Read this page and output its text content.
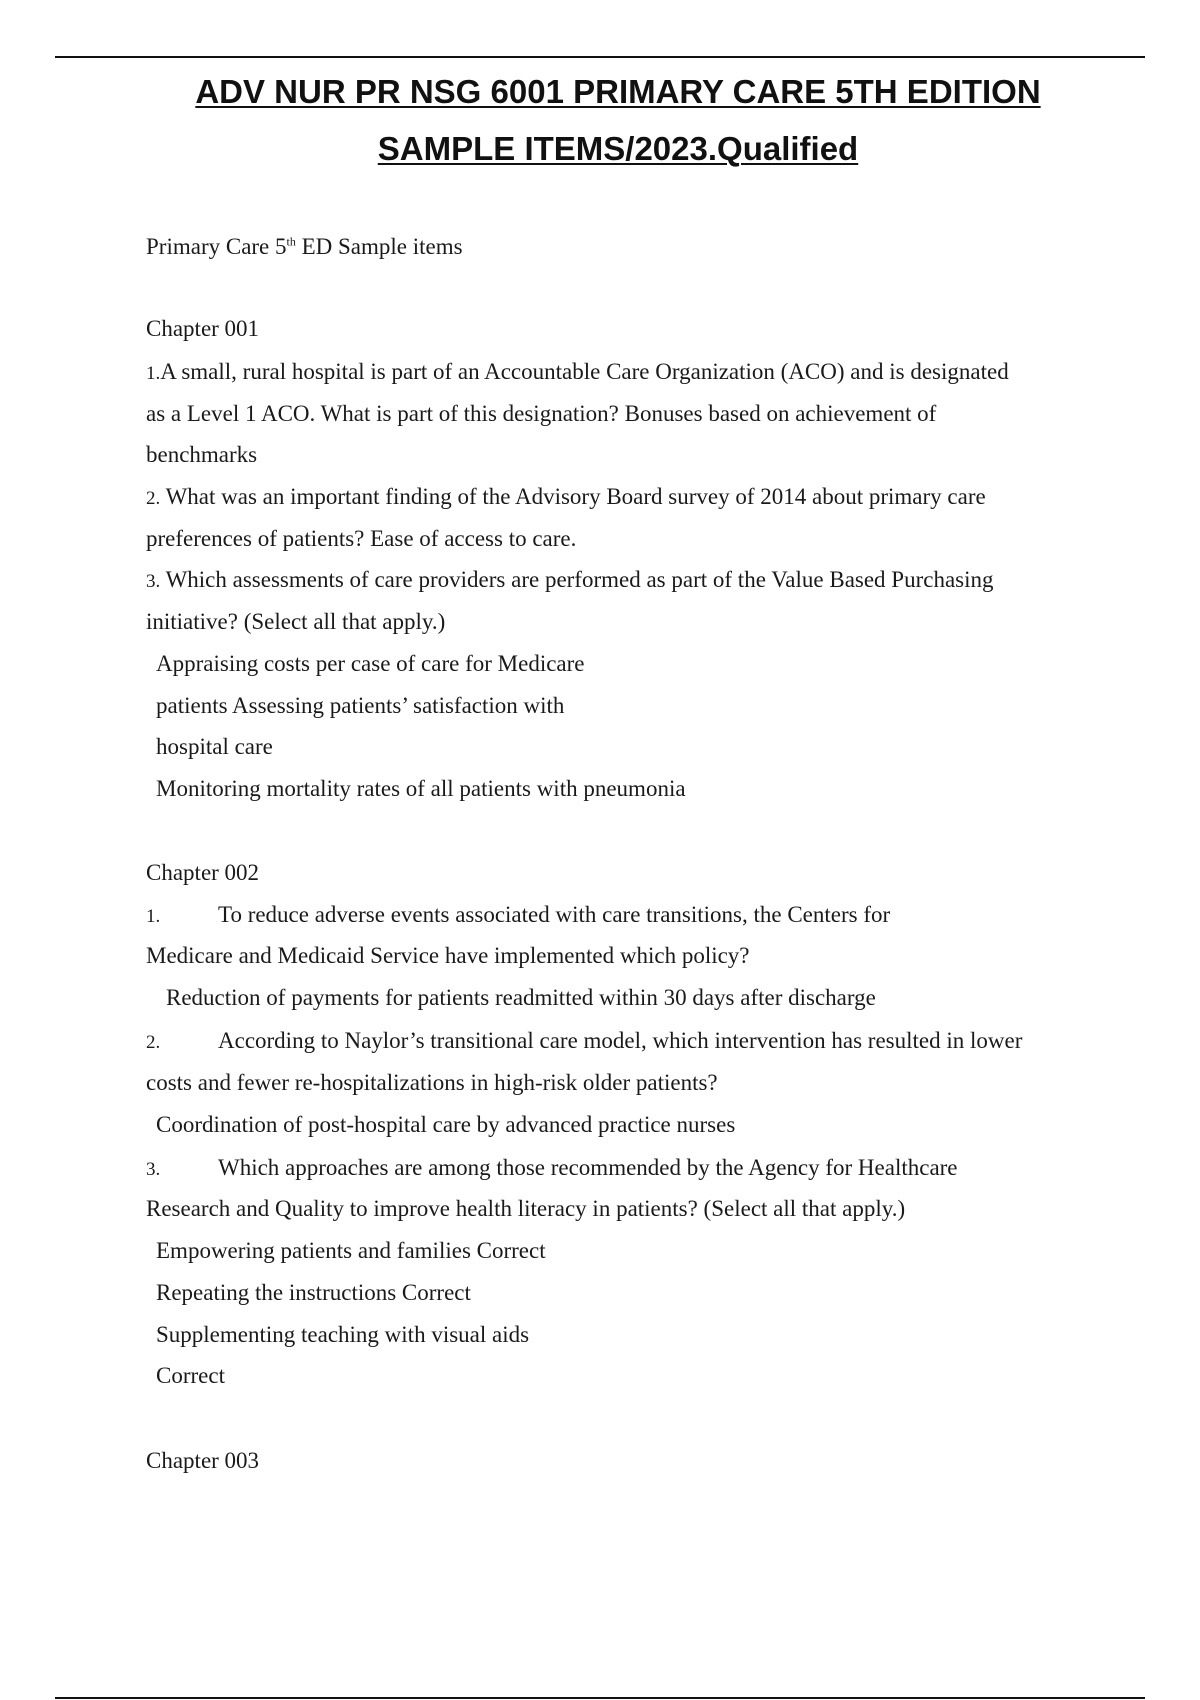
ADV NUR PR NSG 6001 PRIMARY CARE 5TH EDITION
SAMPLE ITEMS/2023.Qualified
Primary Care 5th ED Sample items
Chapter 001
1.A small, rural hospital is part of an Accountable Care Organization (ACO) and is designated
as a Level 1 ACO. What is part of this designation? Bonuses based on achievement of
benchmarks
2. What was an important finding of the Advisory Board survey of 2014 about primary care
preferences of patients? Ease of access to care.
3. Which assessments of care providers are performed as part of the Value Based Purchasing
initiative? (Select all that apply.)
Appraising costs per case of care for Medicare
patients Assessing patients’ satisfaction with
hospital care
Monitoring mortality rates of all patients with pneumonia
Chapter 002
1.	To reduce adverse events associated with care transitions, the Centers for
Medicare and Medicaid Service have implemented which policy?
Reduction of payments for patients readmitted within 30 days after discharge
2.	According to Naylor’s transitional care model, which intervention has resulted in lower
costs and fewer re-hospitalizations in high-risk older patients?
Coordination of post-hospital care by advanced practice nurses
3.	Which approaches are among those recommended by the Agency for Healthcare
Research and Quality to improve health literacy in patients? (Select all that apply.)
Empowering patients and families Correct
Repeating the instructions Correct
Supplementing teaching with visual aids
Correct
Chapter 003
